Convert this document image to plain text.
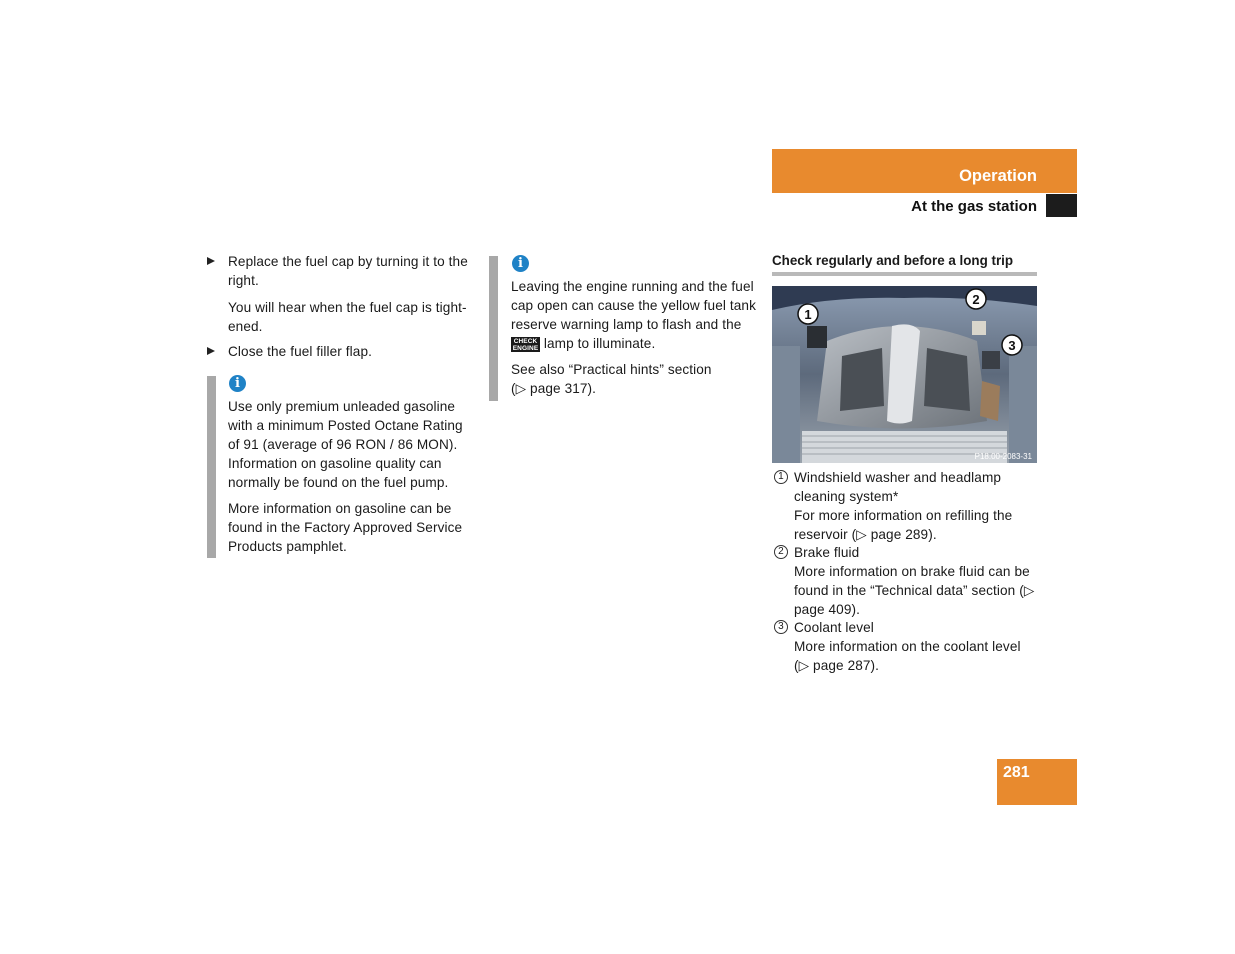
Operation
At the gas station
Replace the fuel cap by turning it to the right.
You will hear when the fuel cap is tight-ened.
Close the fuel filler flap.
i

Use only premium unleaded gasoline with a minimum Posted Octane Rating of 91 (average of 96 RON / 86 MON). Information on gasoline quality can normally be found on the fuel pump.

More information on gasoline can be found in the Factory Approved Service Products pamphlet.

i

Leaving the engine running and the fuel cap open can cause the yellow fuel tank reserve warning lamp to flash and the CHECK
ENGINE lamp to illuminate.

See also “Practical hints” section (▷ page 317).

Check regularly and before a long trip
1
2
3
P18.00-2083-31
1 Windshield washer and headlamp cleaning system*
For more information on refilling the reservoir (▷ page 289).
2 Brake fluid
More information on brake fluid can be found in the “Technical data” section (▷ page 409).
3 Coolant level
More information on the coolant level (▷ page 287).
281
